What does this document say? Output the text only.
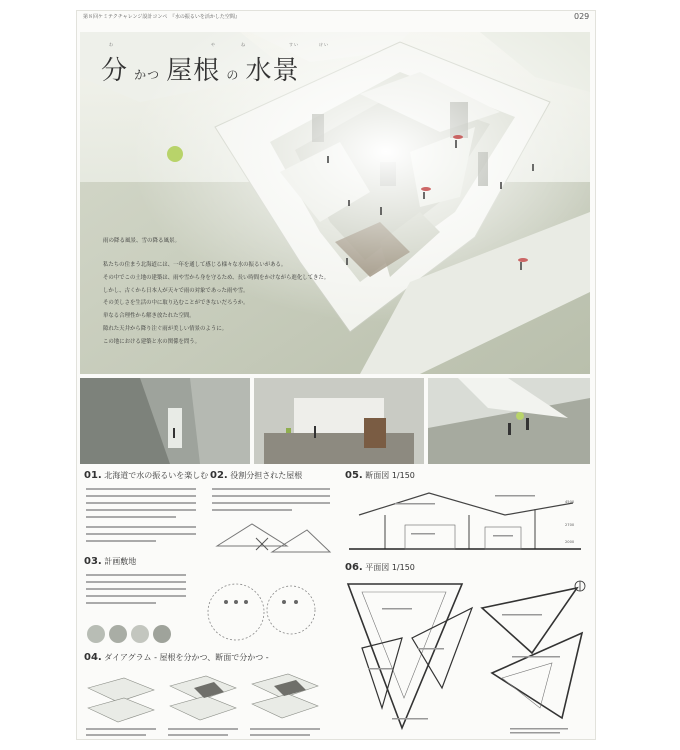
第８回ケミテクチャレンジ設計コンペ　『水の振るいを活かした空間』	029
分 かつ 屋根 の 水景
わ	や	ね	すい	けい
雨の降る風景、雪の降る風景。
私たちの住まう北海道には、一年を通して感じる様々な水の振るいがある。
その中でこの土地の建築は、雨や雪から身を守るため、長い時間をかけながら進化してきた。
しかし、古くから日本人が天々で雨の対象であった雨や雪。
その美しさを生活の中に取り込むことができないだろうか。
単なる合理性から解き放たれた空間。
隙れた天井から降り注ぐ雨が美しい情景のように。
この地における建築と水の関係を問う。
01. 北海道で水の振るいを楽しむ 02. 役割分担された屋根
03. 計画敷地
04. ダイアグラム - 屋根を分かつ、断面で分かつ -
05. 断面図 1/150
4500
2700
2000
06. 平面図 1/150
